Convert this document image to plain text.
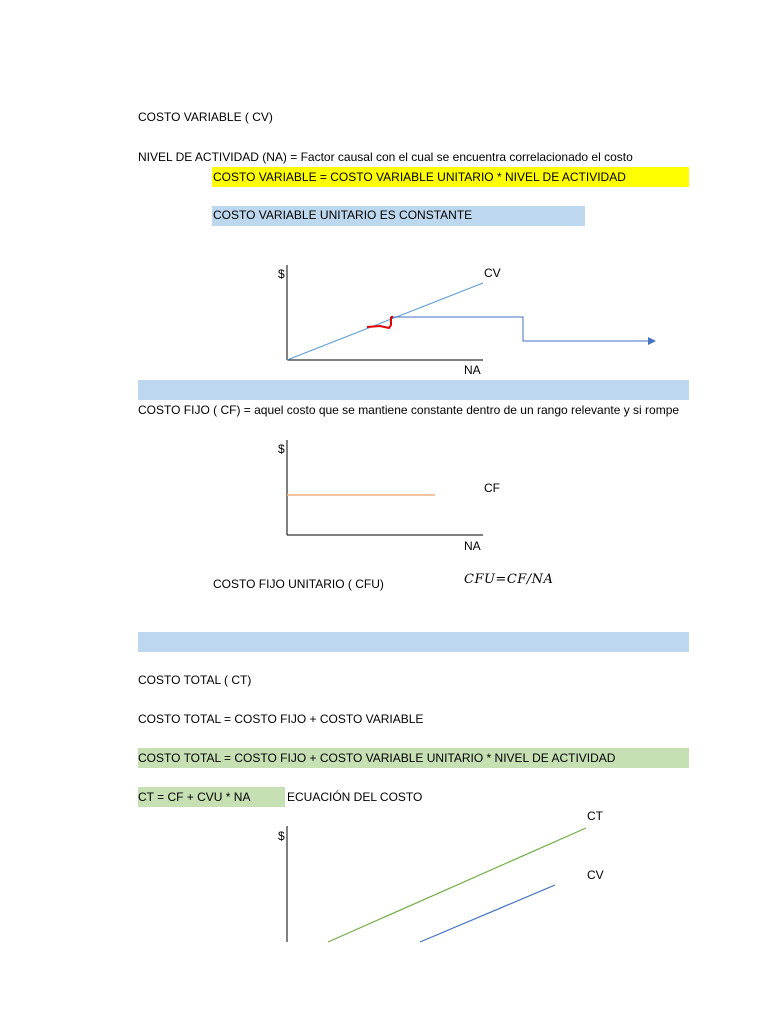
COSTO VARIABLE ( CV)
NIVEL DE ACTIVIDAD (NA) = Factor causal con el cual se encuentra correlacionado el costo
COSTO VARIABLE = COSTO VARIABLE UNITARIO * NIVEL DE ACTIVIDAD
COSTO VARIABLE UNITARIO ES CONSTANTE
$	CV
NA
COSTO FIJO ( CF) = aquel costo que se mantiene constante dentro de un rango relevante y si rompe
$
CF
NA
COSTO FIJO UNITARIO ( CFU)	CFU=CF/NA
COSTO TOTAL ( CT)
COSTO TOTAL = COSTO FIJO + COSTO VARIABLE
COSTO TOTAL = COSTO FIJO + COSTO VARIABLE UNITARIO * NIVEL DE ACTIVIDAD
CT = CF + CVU * NA	ECUACIÓN DEL COSTO
$
CT
CV
